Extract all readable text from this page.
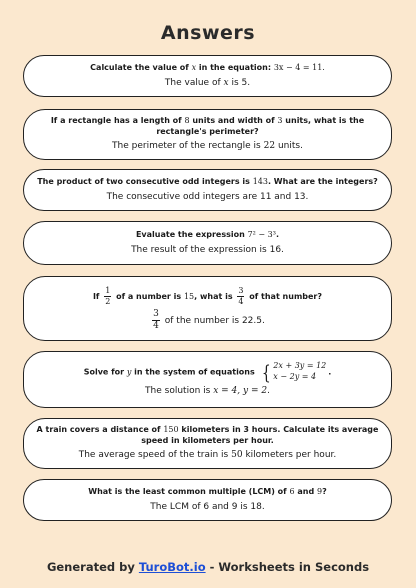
Answers
Calculate the value of x in the equation: 3x − 4 = 11.
The value of x is 5.
If a rectangle has a length of 8 units and width of 3 units, what is the rectangle's perimeter?
The perimeter of the rectangle is 22 units.
The product of two consecutive odd integers is 143. What are the integers?
The consecutive odd integers are 11 and 13.
Evaluate the expression 7² − 3³.
The result of the expression is 16.
If $\frac{1}{2}$ of a number is 15, what is $\frac{3}{4}$ of that number?
$\frac{3}{4}$ of the number is 22.5.
Solve for y in the system of equations { 2x + 3y = 12
x − 2y = 4	.
The solution is x = 4, y = 2.
A train covers a distance of 150 kilometers in 3 hours. Calculate its average speed in kilometers per hour.
The average speed of the train is 50 kilometers per hour.
What is the least common multiple (LCM) of 6 and 9?
The LCM of 6 and 9 is 18.
Generated by TuroBot.io - Worksheets in Seconds
